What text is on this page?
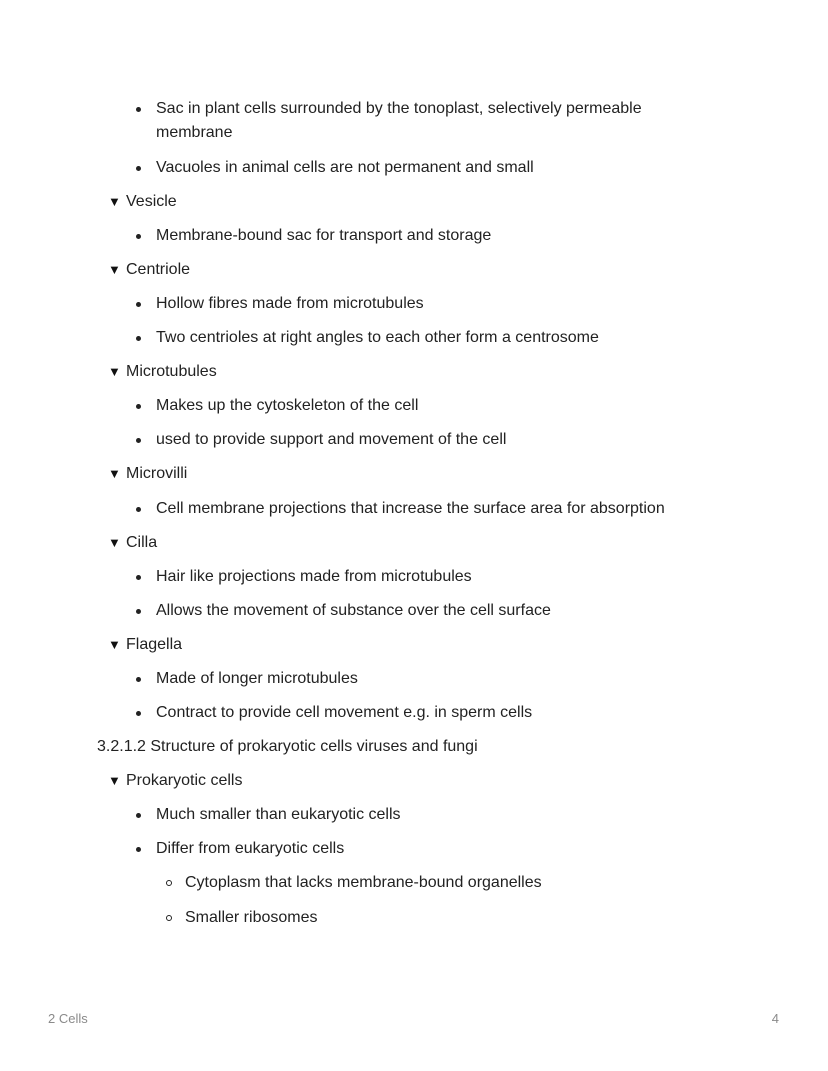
Sac in plant cells surrounded by the tonoplast, selectively permeable membrane
Vacuoles in animal cells are not permanent and small
▼ Vesicle
Membrane-bound sac for transport and storage
▼ Centriole
Hollow fibres made from microtubules
Two centrioles at right angles to each other form a centrosome
▼ Microtubules
Makes up the cytoskeleton of the cell
used to provide support and movement of the cell
▼ Microvilli
Cell membrane projections that increase the surface area for absorption
▼ Cilla
Hair like projections made from microtubules
Allows the movement of substance over the cell surface
▼ Flagella
Made of longer microtubules
Contract to provide cell movement e.g. in sperm cells
3.2.1.2 Structure of prokaryotic cells viruses and fungi
▼ Prokaryotic cells
Much smaller than eukaryotic cells
Differ from eukaryotic cells
Cytoplasm that lacks membrane-bound organelles
Smaller ribosomes
2 Cells	4
